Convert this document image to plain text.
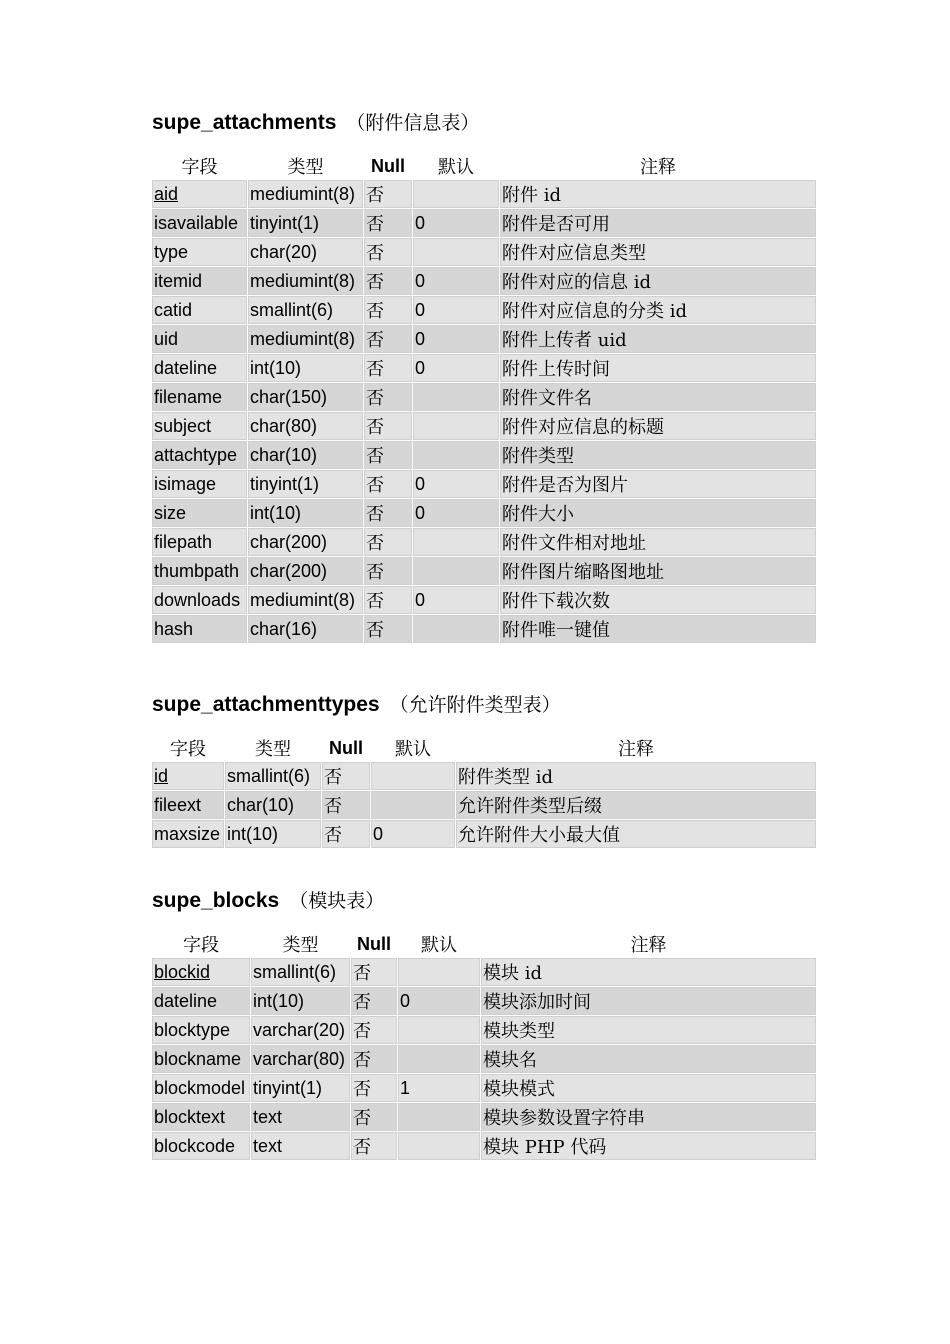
supe_attachments （附件信息表）
字段	类型	Null	默认	注释
aid	mediumint(8)	否		附件 id
isavailable	tinyint(1)	否	0	附件是否可用
type	char(20)	否		附件对应信息类型
itemid	mediumint(8)	否	0	附件对应的信息 id
catid	smallint(6)	否	0	附件对应信息的分类 id
uid	mediumint(8)	否	0	附件上传者 uid
dateline	int(10)	否	0	附件上传时间
filename	char(150)	否		附件文件名
subject	char(80)	否		附件对应信息的标题
attachtype	char(10)	否		附件类型
isimage	tinyint(1)	否	0	附件是否为图片
size	int(10)	否	0	附件大小
filepath	char(200)	否		附件文件相对地址
thumbpath	char(200)	否		附件图片缩略图地址
downloads	mediumint(8)	否	0	附件下载次数
hash	char(16)	否		附件唯一键值
supe_attachmenttypes （允许附件类型表）
字段	类型	Null	默认	注释
id	smallint(6)	否		附件类型 id
fileext	char(10)	否		允许附件类型后缀
maxsize	int(10)	否	0	允许附件大小最大值
supe_blocks （模块表）
字段	类型	Null	默认	注释
blockid	smallint(6)	否		模块 id
dateline	int(10)	否	0	模块添加时间
blocktype	varchar(20)	否		模块类型
blockname	varchar(80)	否		模块名
blockmodel	tinyint(1)	否	1	模块模式
blocktext	text	否		模块参数设置字符串
blockcode	text	否		模块 PHP 代码
